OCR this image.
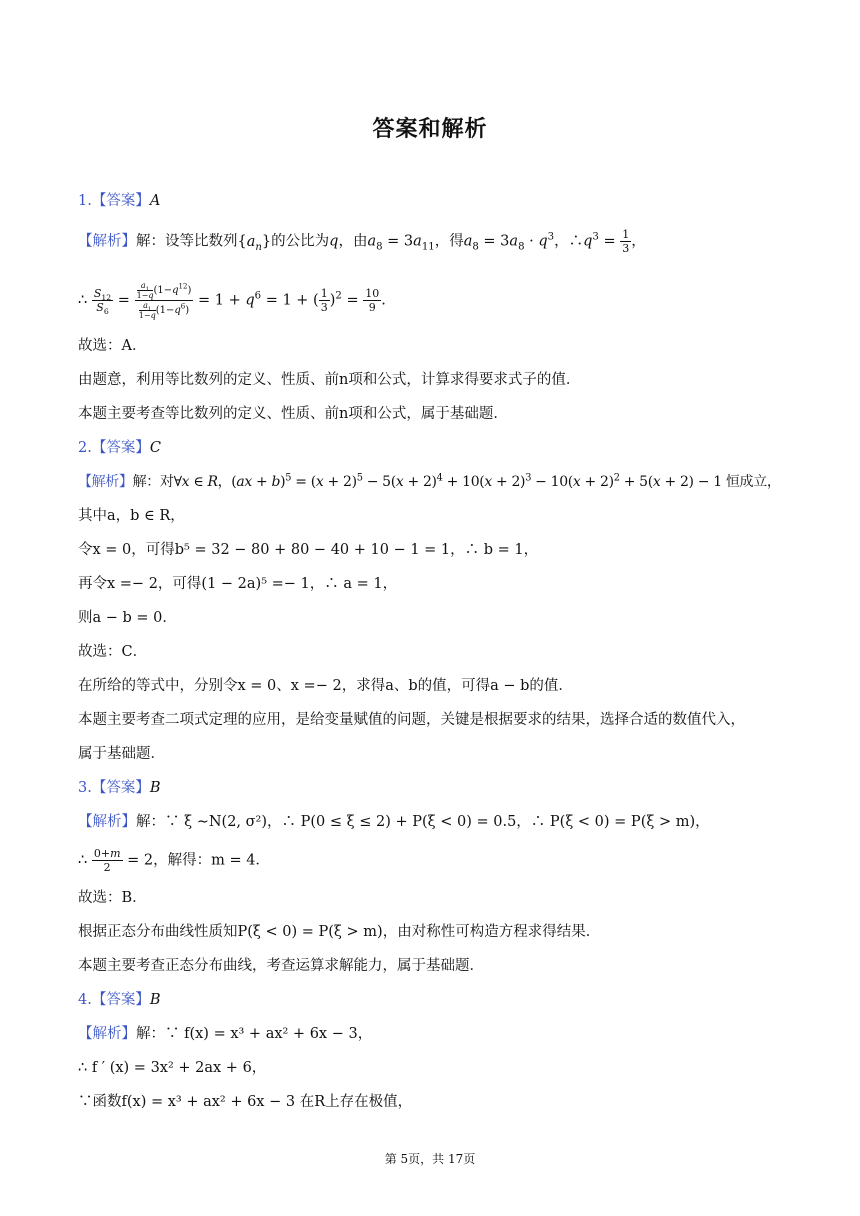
答案和解析
1.【答案】A
【解析】解：设等比数列$\{a_n\}$的公比为q，由$a_8 = 3a_{11}$，得$a_8 = 3a_8 \cdot q^3$，$\therefore q^3 = \frac{1}{3}$ ，
∴ $\frac{S_{12}}{S_6} = \frac{\frac{a_1}{1-q} (1-q^{12})}{\frac{a_1}{1-q} (1-q^6)} = 1 + q^6 = 1$ + ( $\frac{1}{3} )^2 = \frac{10}{9}$ .
故选：A．
由题意，利用等比数列的定义、性质、前n项和公式，计算求得要求式子的值．
本题主要考查等比数列的定义、性质、前n项和公式，属于基础题．
2.【答案】C
【解析】解：对∀x ∈ R，$(ax + b)^5 = (x + 2)^5 - 5(x + 2)^4 + 10(x + 2)^3 - 10(x + 2)^2 + 5(x + 2) - 1$ 恒成立，
其中a，b ∈ R，
令x = 0，可得b⁵ = 32 − 80 + 80 − 40 + 10 − 1 = 1，∴ b = 1，
再令x =− 2，可得(1 − 2a)⁵ =− 1，∴ a = 1，
则a − b = 0．
故选：C．
在所给的等式中，分别令x = 0、x =− 2，求得a、b的值，可得a − b的值．
本题主要考查二项式定理的应用，是给变量赋值的问题，关键是根据要求的结果，选择合适的数值代入，
属于基础题．
3.【答案】B
【解析】解：∵ ξ ∼N(2, σ²)，∴ P(0 ≤ ξ ≤ 2) + P(ξ < 0) = 0.5，∴ P(ξ < 0) = P(ξ > m)，
∴ $\frac{0+m}{2} = 2$，解得：m = 4．
故选：B．
根据正态分布曲线性质知P(ξ < 0) = P(ξ > m)，由对称性可构造方程求得结果．
本题主要考查正态分布曲线，考查运算求解能力，属于基础题．
4.【答案】B
【解析】解：∵ f(x) = x³ + ax² + 6x − 3，
∴ f ′ (x) = 3x² + 2ax + 6，
∵函数f(x) = x³ + ax² + 6x − 3 在R上存在极值，
第 5页，共 17页
